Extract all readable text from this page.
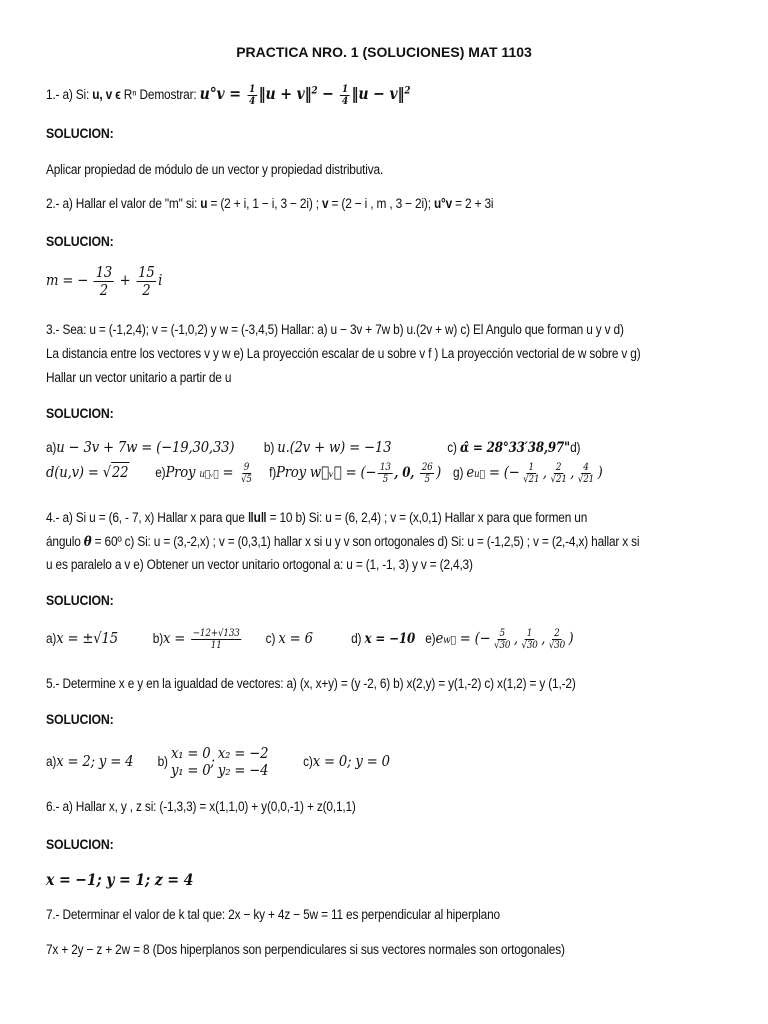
PRACTICA NRO. 1 (SOLUCIONES) MAT 1103
1.- a) Si: u, v ϵ Rⁿ Demostrar: $u^\circ v = \frac{1}{4}$ ‖u + v‖$^2$ − $\frac{1}{4}$ ‖u − v‖$^2$
SOLUCION:
Aplicar propiedad de módulo de un vector y propiedad distributiva.
2.- a) Hallar el valor de "m" si: u = (2 + i, 1 − i, 3 − 2i) ; v = (2 − i , m , 3 − 2i); u°v = 2 + 3i
SOLUCION:
m = − $\frac{13}{2} + \frac{15}{2}$ i
3.- Sea: u = (-1,2,4); v = (-1,0,2) y w = (-3,4,5) Hallar: a) u − 3v + 7w b) u.(2v + w) c) El Angulo que forman u y v d)
La distancia entre los vectores v y w e) La proyección escalar de u sobre v f ) La proyección vectorial de w sobre v g)
Hallar un vector unitario a partir de u
SOLUCION:
a)u − 3v + 7w = (−19,30,33) b) u.(2v + w) = −13	c) α̂ = 28°33′38,97"d)
d(u,v) = √22 e)Proy u⃗ᵥ⃗ = $\frac{9}{√5}$ f)Proy w⃗ᵥ⃗ = (− $\frac{13}{5}$ , 0, $\frac{26}{5}$ ) g) eu⃗ = (− $\frac{1}{√21}$ , $\frac{2}{√21}$ , $\frac{4}{√21}$ )
4.- a) Si u = (6, - 7, x) Hallar x para que ‖u‖ = 10 b) Si: u = (6, 2,4) ; v = (x,0,1) Hallar x para que formen un
ángulo θ = 60º c) Si: u = (3,-2,x) ; v = (0,3,1) hallar x si u y v son ortogonales d) Si: u = (-1,2,5) ; v = (2,-4,x) hallar x si
u es paralelo a v e) Obtener un vector unitario ortogonal a: u = (1, -1, 3) y v = (2,4,3)
SOLUCION:
a)x = ±√15	$b)x = \frac{-12+√133}{11} c$) x = 6	d) x = −10 e)ew⃗ = (− $\frac{5}{√30}$ , $\frac{1}{√30}$ , $\frac{2}{√30}$ )
5.- Determine x e y en la igualdad de vectores: a) (x, x+y) = (y -2, 6) b) x(2,y) = y(1,-2) c) x(1,2) = y (1,-2)
SOLUCION:
a)x = 2; y = 4 b) x₁ = 0
y₁ = 0
; x₂ = −2
y₂ = −4	c)x = 0; y = 0
6.- a) Hallar x, y , z si: (-1,3,3) = x(1,1,0) + y(0,0,-1) + z(0,1,1)
SOLUCION:
x = −1; y = 1; z = 4
7.- Determinar el valor de k tal que: 2x − ky + 4z − 5w = 11 es perpendicular al hiperplano
7x + 2y − z + 2w = 8 (Dos hiperplanos son perpendiculares si sus vectores normales son ortogonales)
